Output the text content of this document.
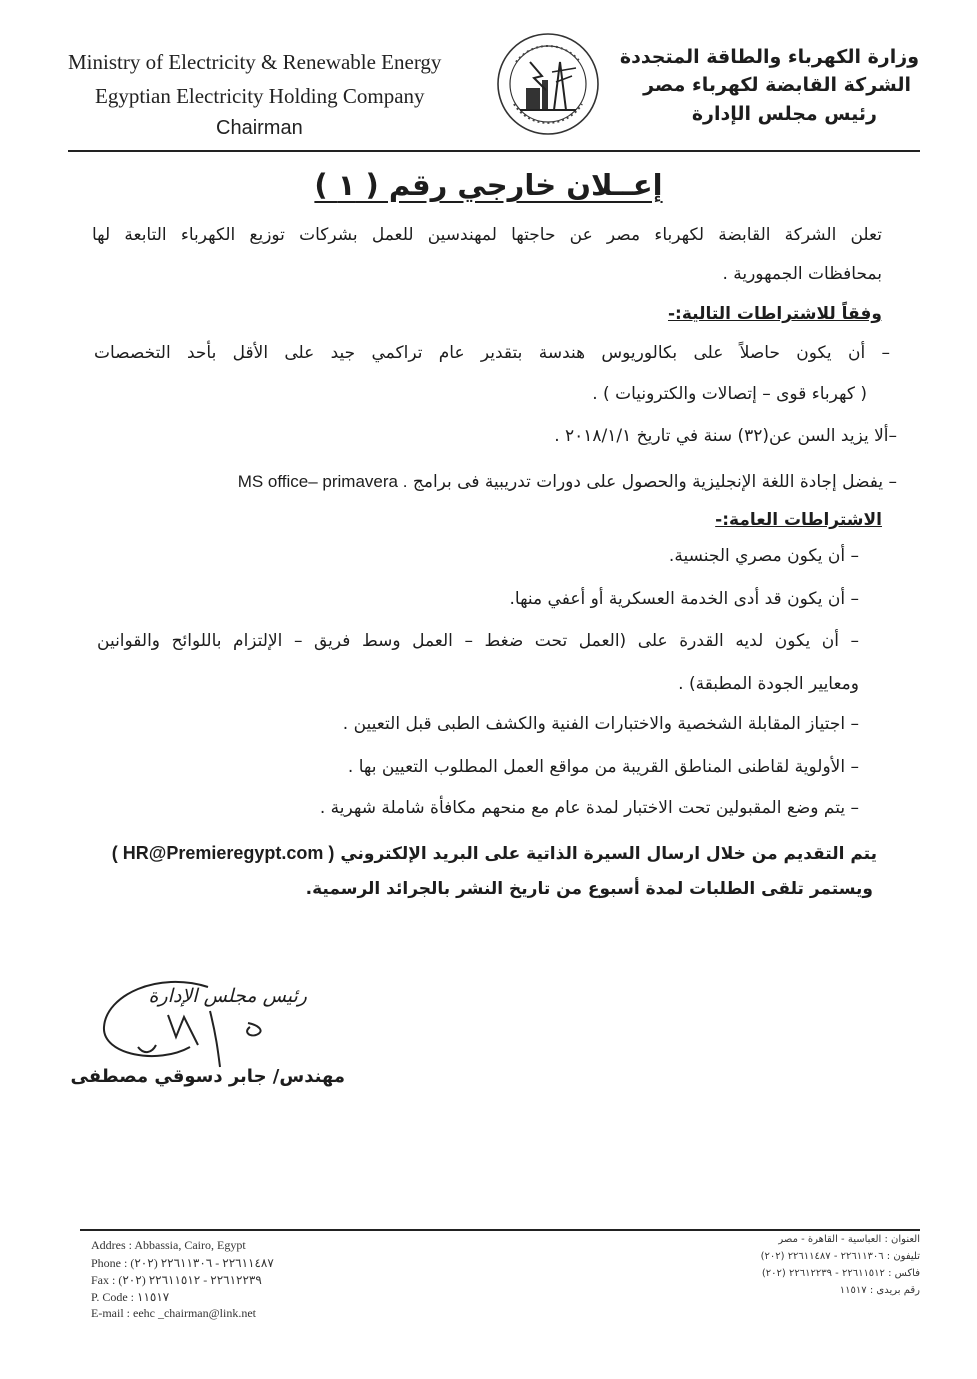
Ministry of Electricity & Renewable Energy
Egyptian Electricity Holding Company
Chairman
وزارة الكهرباء والطاقة المتجددة
الشركة القابضة لكهرباء مصر
رئيس مجلس الإدارة
إعــلان خارجي رقم ( ١ )
تعلن الشركة القابضة لكهرباء مصر عن حاجتها لمهندسين للعمل بشركات توزيع الكهرباء التابعة لها
بمحافظات الجمهورية .
وفقاً للاشتراطات التالية:-
– أن يكون حاصلاً على بكالوريوس هندسة بتقدير عام تراكمي جيد على الأقل بأحد التخصصات
( كهرباء قوى – إتصالات والكترونيات ) .
–ألا يزيد السن عن(٣٢) سنة في تاريخ ٢٠١٨/١/١ .
– يفضل إجادة اللغة الإنجليزية والحصول على دورات تدريبية فى برامج MS office– primavera .
الاشتراطات العامة:-
– أن يكون مصري الجنسية.
– أن يكون قد أدى الخدمة العسكرية أو أعفي منها.
– أن يكون لديه القدرة على (العمل تحت ضغط – العمل وسط فريق – الإلتزام باللوائح والقوانين
ومعايير الجودة المطبقة) .
– اجتياز المقابلة الشخصية والاختبارات الفنية والكشف الطبى قبل التعيين .
– الأولوية لقاطنى المناطق القريبة من مواقع العمل المطلوب التعيين بها .
– يتم وضع المقبولين تحت الاختبار لمدة عام مع منحهم مكافأة شاملة شهرية .
يتم التقديم من خلال ارسال السيرة الذاتية على البريد الإلكتروني ( HR@Premieregypt.com )
ويستمر تلقى الطلبات لمدة أسبوع من تاريخ النشر بالجرائد الرسمية.
رئيس مجلس الإدارة
مهندس/ جابر دسوقي مصطفى
Addres : Abbassia, Cairo, Egypt
Phone : (٢٠٢) ٢٢٦١١٤٨٧ - ٢٢٦١١٣٠٦
Fax : (٢٠٢) ٢٢٦١٢٢٣٩ - ٢٢٦١١٥١٢
P. Code : ١١٥١٧
E-mail : eehc _chairman@link.net
العنوان : العباسية - القاهرة - مصر
تليفون : ٢٢٦١١٣٠٦ - ٢٢٦١١٤٨٧ (٢٠٢)
فاكس : ٢٢٦١١٥١٢ - ٢٢٦١٢٢٣٩ (٢٠٢)
رقم بريدى : ١١٥١٧
